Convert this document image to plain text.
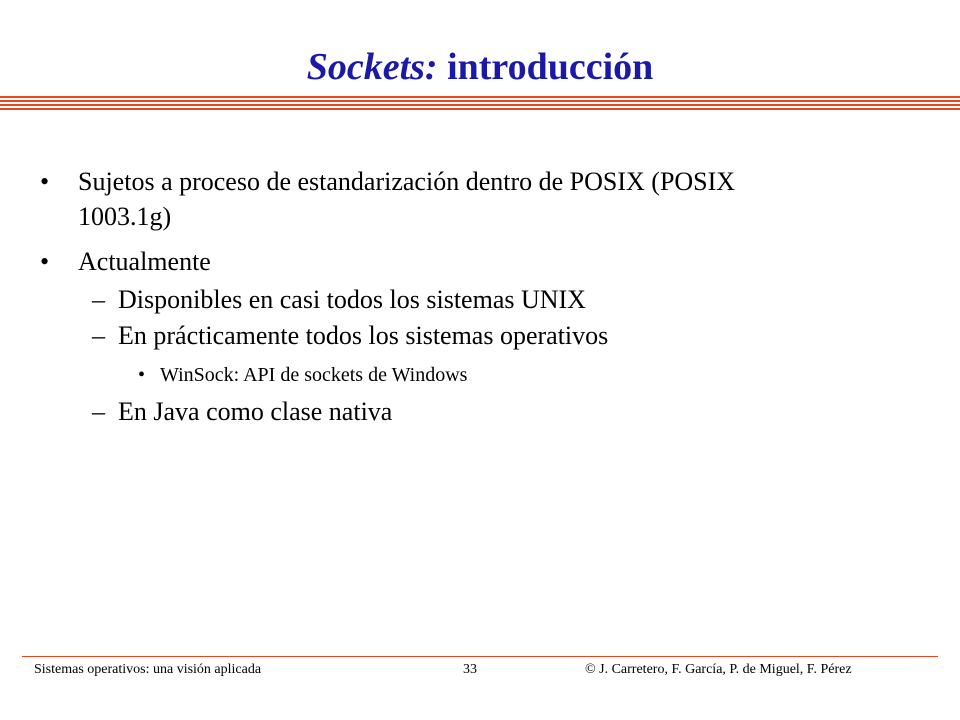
Sockets: introducción
• Sujetos a proceso de estandarización dentro de POSIX (POSIX
1003.1g)
• Actualmente
– Disponibles en casi todos los sistemas UNIX
– En prácticamente todos los sistemas operativos
• WinSock: API de sockets de Windows
– En Java como clase nativa
Sistemas operativos: una visión aplicada	33	© J. Carretero, F. García, P. de Miguel, F. Pérez
